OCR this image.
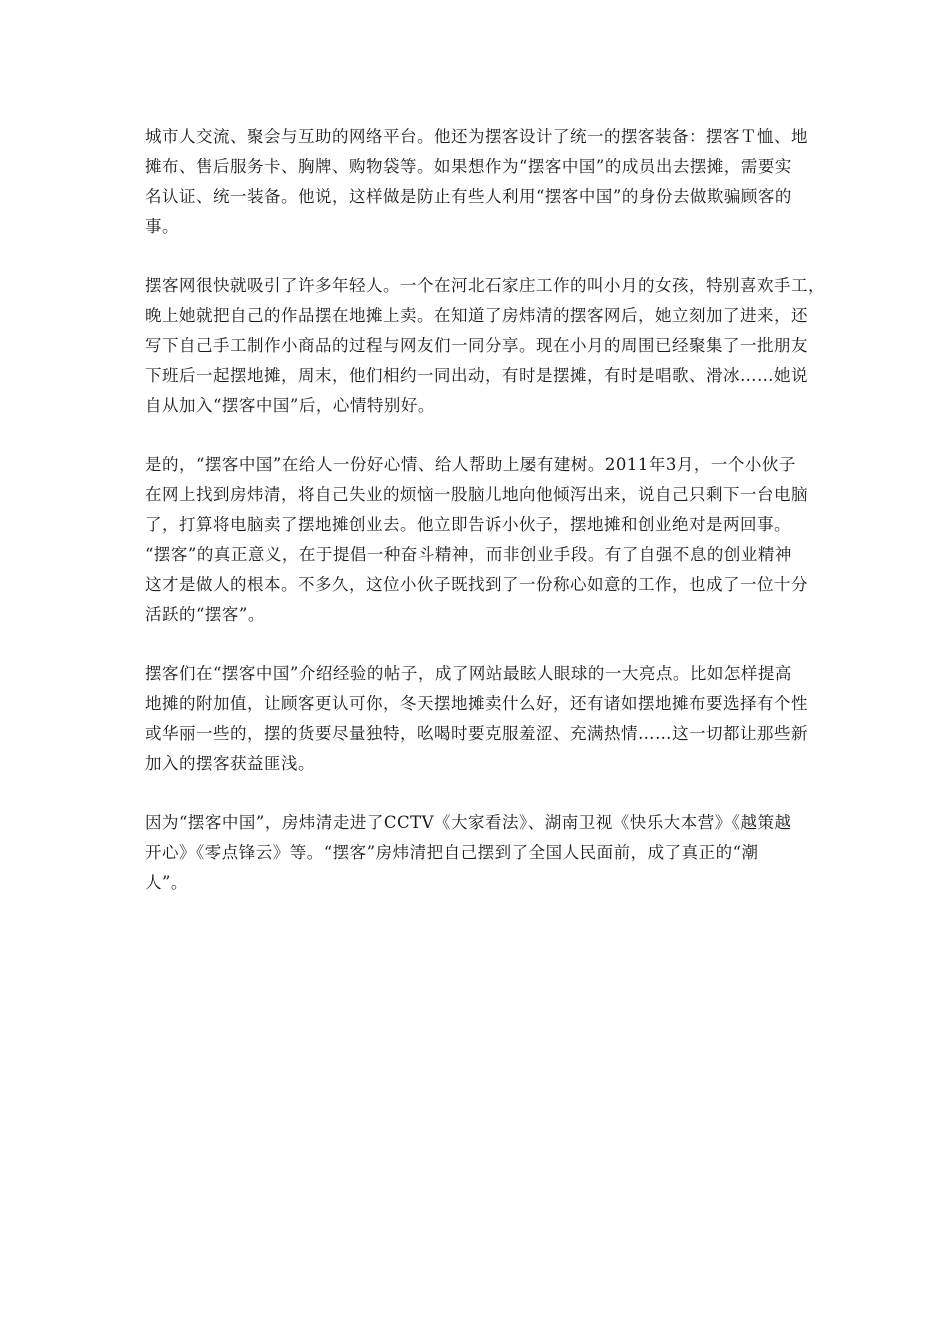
城市人交流、聚会与互助的网络平台。他还为摆客设计了统一的摆客装备：摆客Ｔ恤、地
摊布、售后服务卡、胸牌、购物袋等。如果想作为“摆客中国”的成员出去摆摊，需要实
名认证、统一装备。他说，这样做是防止有些人利用“摆客中国”的身份去做欺骗顾客的
事。
摆客网很快就吸引了许多年轻人。一个在河北石家庄工作的叫小月的女孩，特别喜欢手工，
晚上她就把自己的作品摆在地摊上卖。在知道了房炜清的摆客网后，她立刻加了进来，还
写下自己手工制作小商品的过程与网友们一同分享。现在小月的周围已经聚集了一批朋友
下班后一起摆地摊，周末，他们相约一同出动，有时是摆摊，有时是唱歌、滑冰……她说
自从加入“摆客中国”后，心情特别好。
是的，“摆客中国”在给人一份好心情、给人帮助上屡有建树。2011年3月，一个小伙子
在网上找到房炜清，将自己失业的烦恼一股脑儿地向他倾泻出来，说自己只剩下一台电脑
了，打算将电脑卖了摆地摊创业去。他立即告诉小伙子，摆地摊和创业绝对是两回事。
“摆客”的真正意义，在于提倡一种奋斗精神，而非创业手段。有了自强不息的创业精神
这才是做人的根本。不多久，这位小伙子既找到了一份称心如意的工作，也成了一位十分
活跃的“摆客”。
摆客们在“摆客中国”介绍经验的帖子，成了网站最眩人眼球的一大亮点。比如怎样提高
地摊的附加值，让顾客更认可你，冬天摆地摊卖什么好，还有诸如摆地摊布要选择有个性
或华丽一些的，摆的货要尽量独特，吆喝时要克服羞涩、充满热情……这一切都让那些新
加入的摆客获益匪浅。
因为“摆客中国”，房炜清走进了CCTV《大家看法》、湖南卫视《快乐大本营》《越策越
开心》《零点锋云》等。“摆客”房炜清把自己摆到了全国人民面前，成了真正的“潮
人”。
